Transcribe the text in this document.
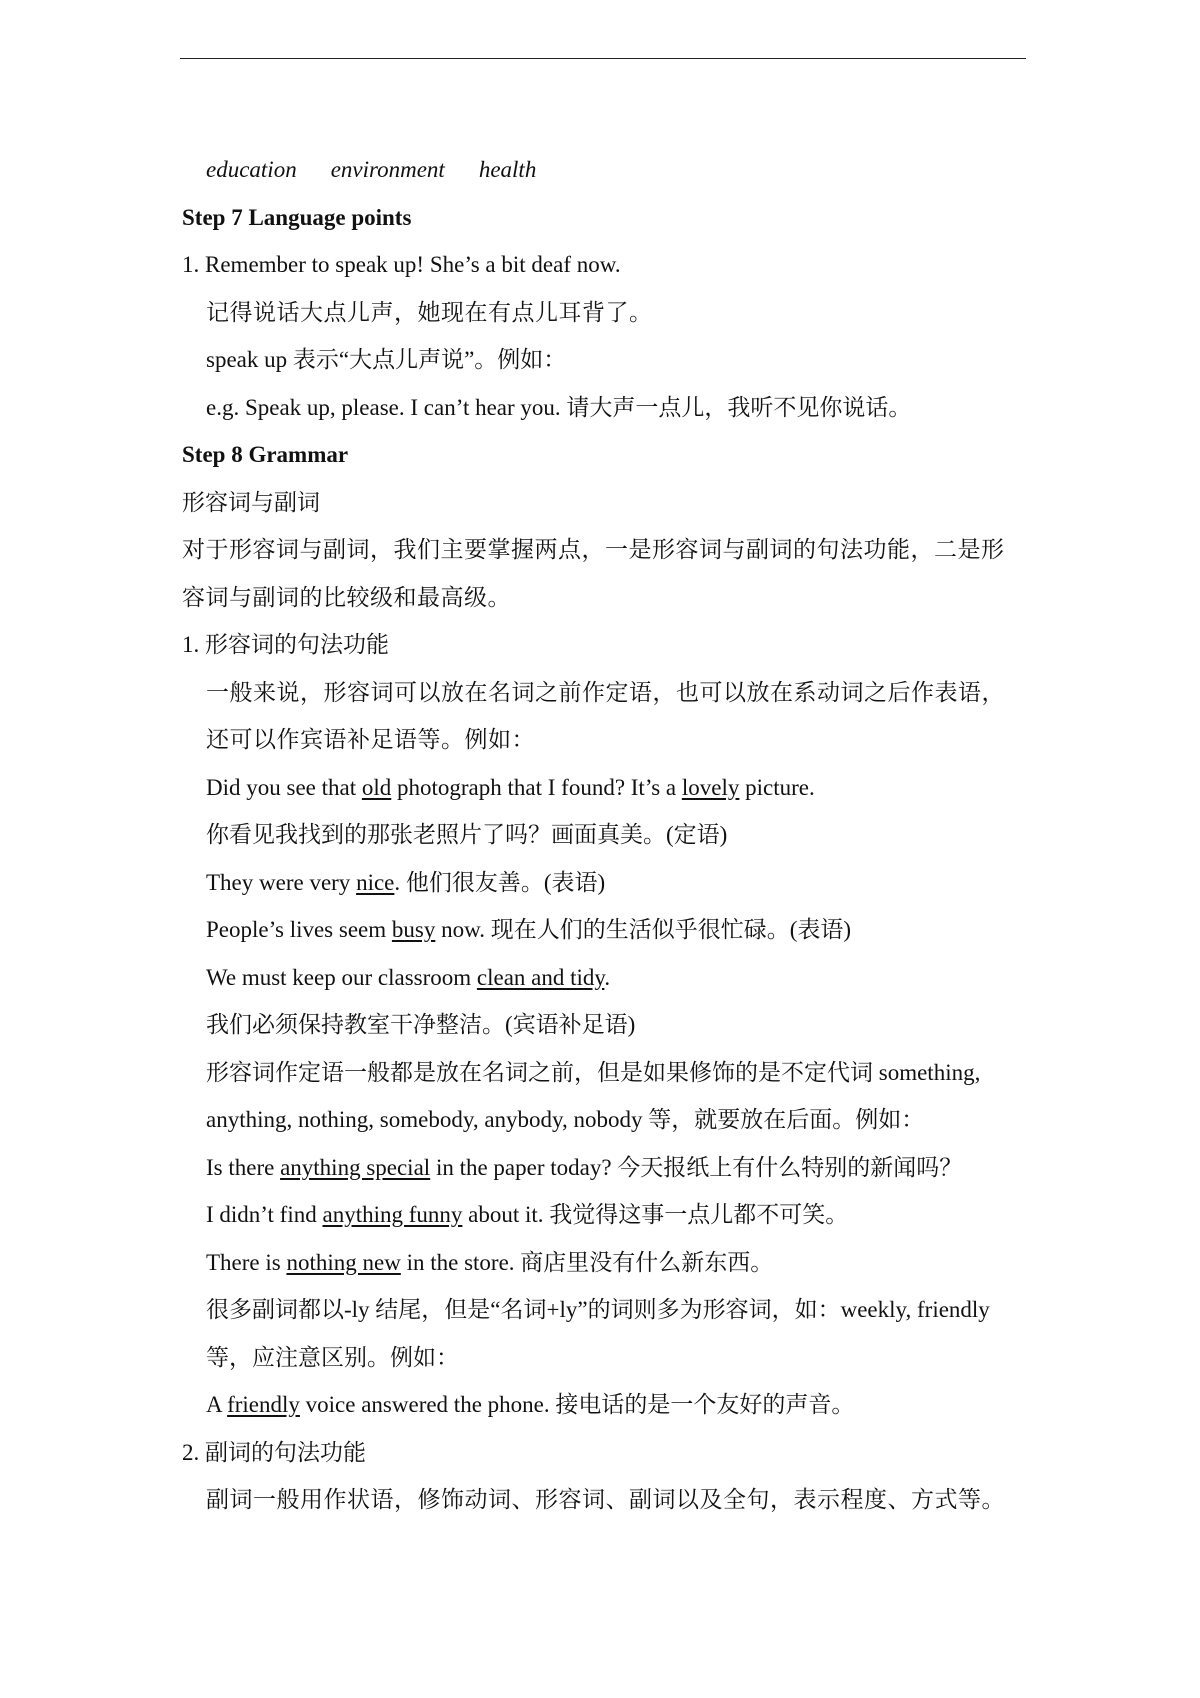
education environment health
Step 7 Language points
1. Remember to speak up! She’s a bit deaf now.
记得说话大点儿声，她现在有点儿耳背了。
speak up 表示“大点儿声说”。例如：
e.g. Speak up, please. I can’t hear you. 请大声一点儿，我听不见你说话。
Step 8 Grammar
形容词与副词
对于形容词与副词，我们主要掌握两点，一是形容词与副词的句法功能，二是形
容词与副词的比较级和最高级。
1. 形容词的句法功能
一般来说，形容词可以放在名词之前作定语，也可以放在系动词之后作表语，
还可以作宾语补足语等。例如：
Did you see that old photograph that I found? It’s a lovely picture.
你看见我找到的那张老照片了吗？画面真美。(定语)
They were very nice. 他们很友善。(表语)
People’s lives seem busy now. 现在人们的生活似乎很忙碌。(表语)
We must keep our classroom clean and tidy.
我们必须保持教室干净整洁。(宾语补足语)
形容词作定语一般都是放在名词之前，但是如果修饰的是不定代词 something,
anything, nothing, somebody, anybody, nobody 等，就要放在后面。例如：
Is there anything special in the paper today? 今天报纸上有什么特别的新闻吗？
I didn’t find anything funny about it. 我觉得这事一点儿都不可笑。
There is nothing new in the store. 商店里没有什么新东西。
很多副词都以-ly 结尾，但是“名词+ly”的词则多为形容词，如：weekly, friendly
等，应注意区别。例如：
A friendly voice answered the phone. 接电话的是一个友好的声音。
2. 副词的句法功能
副词一般用作状语，修饰动词、形容词、副词以及全句，表示程度、方式等。
